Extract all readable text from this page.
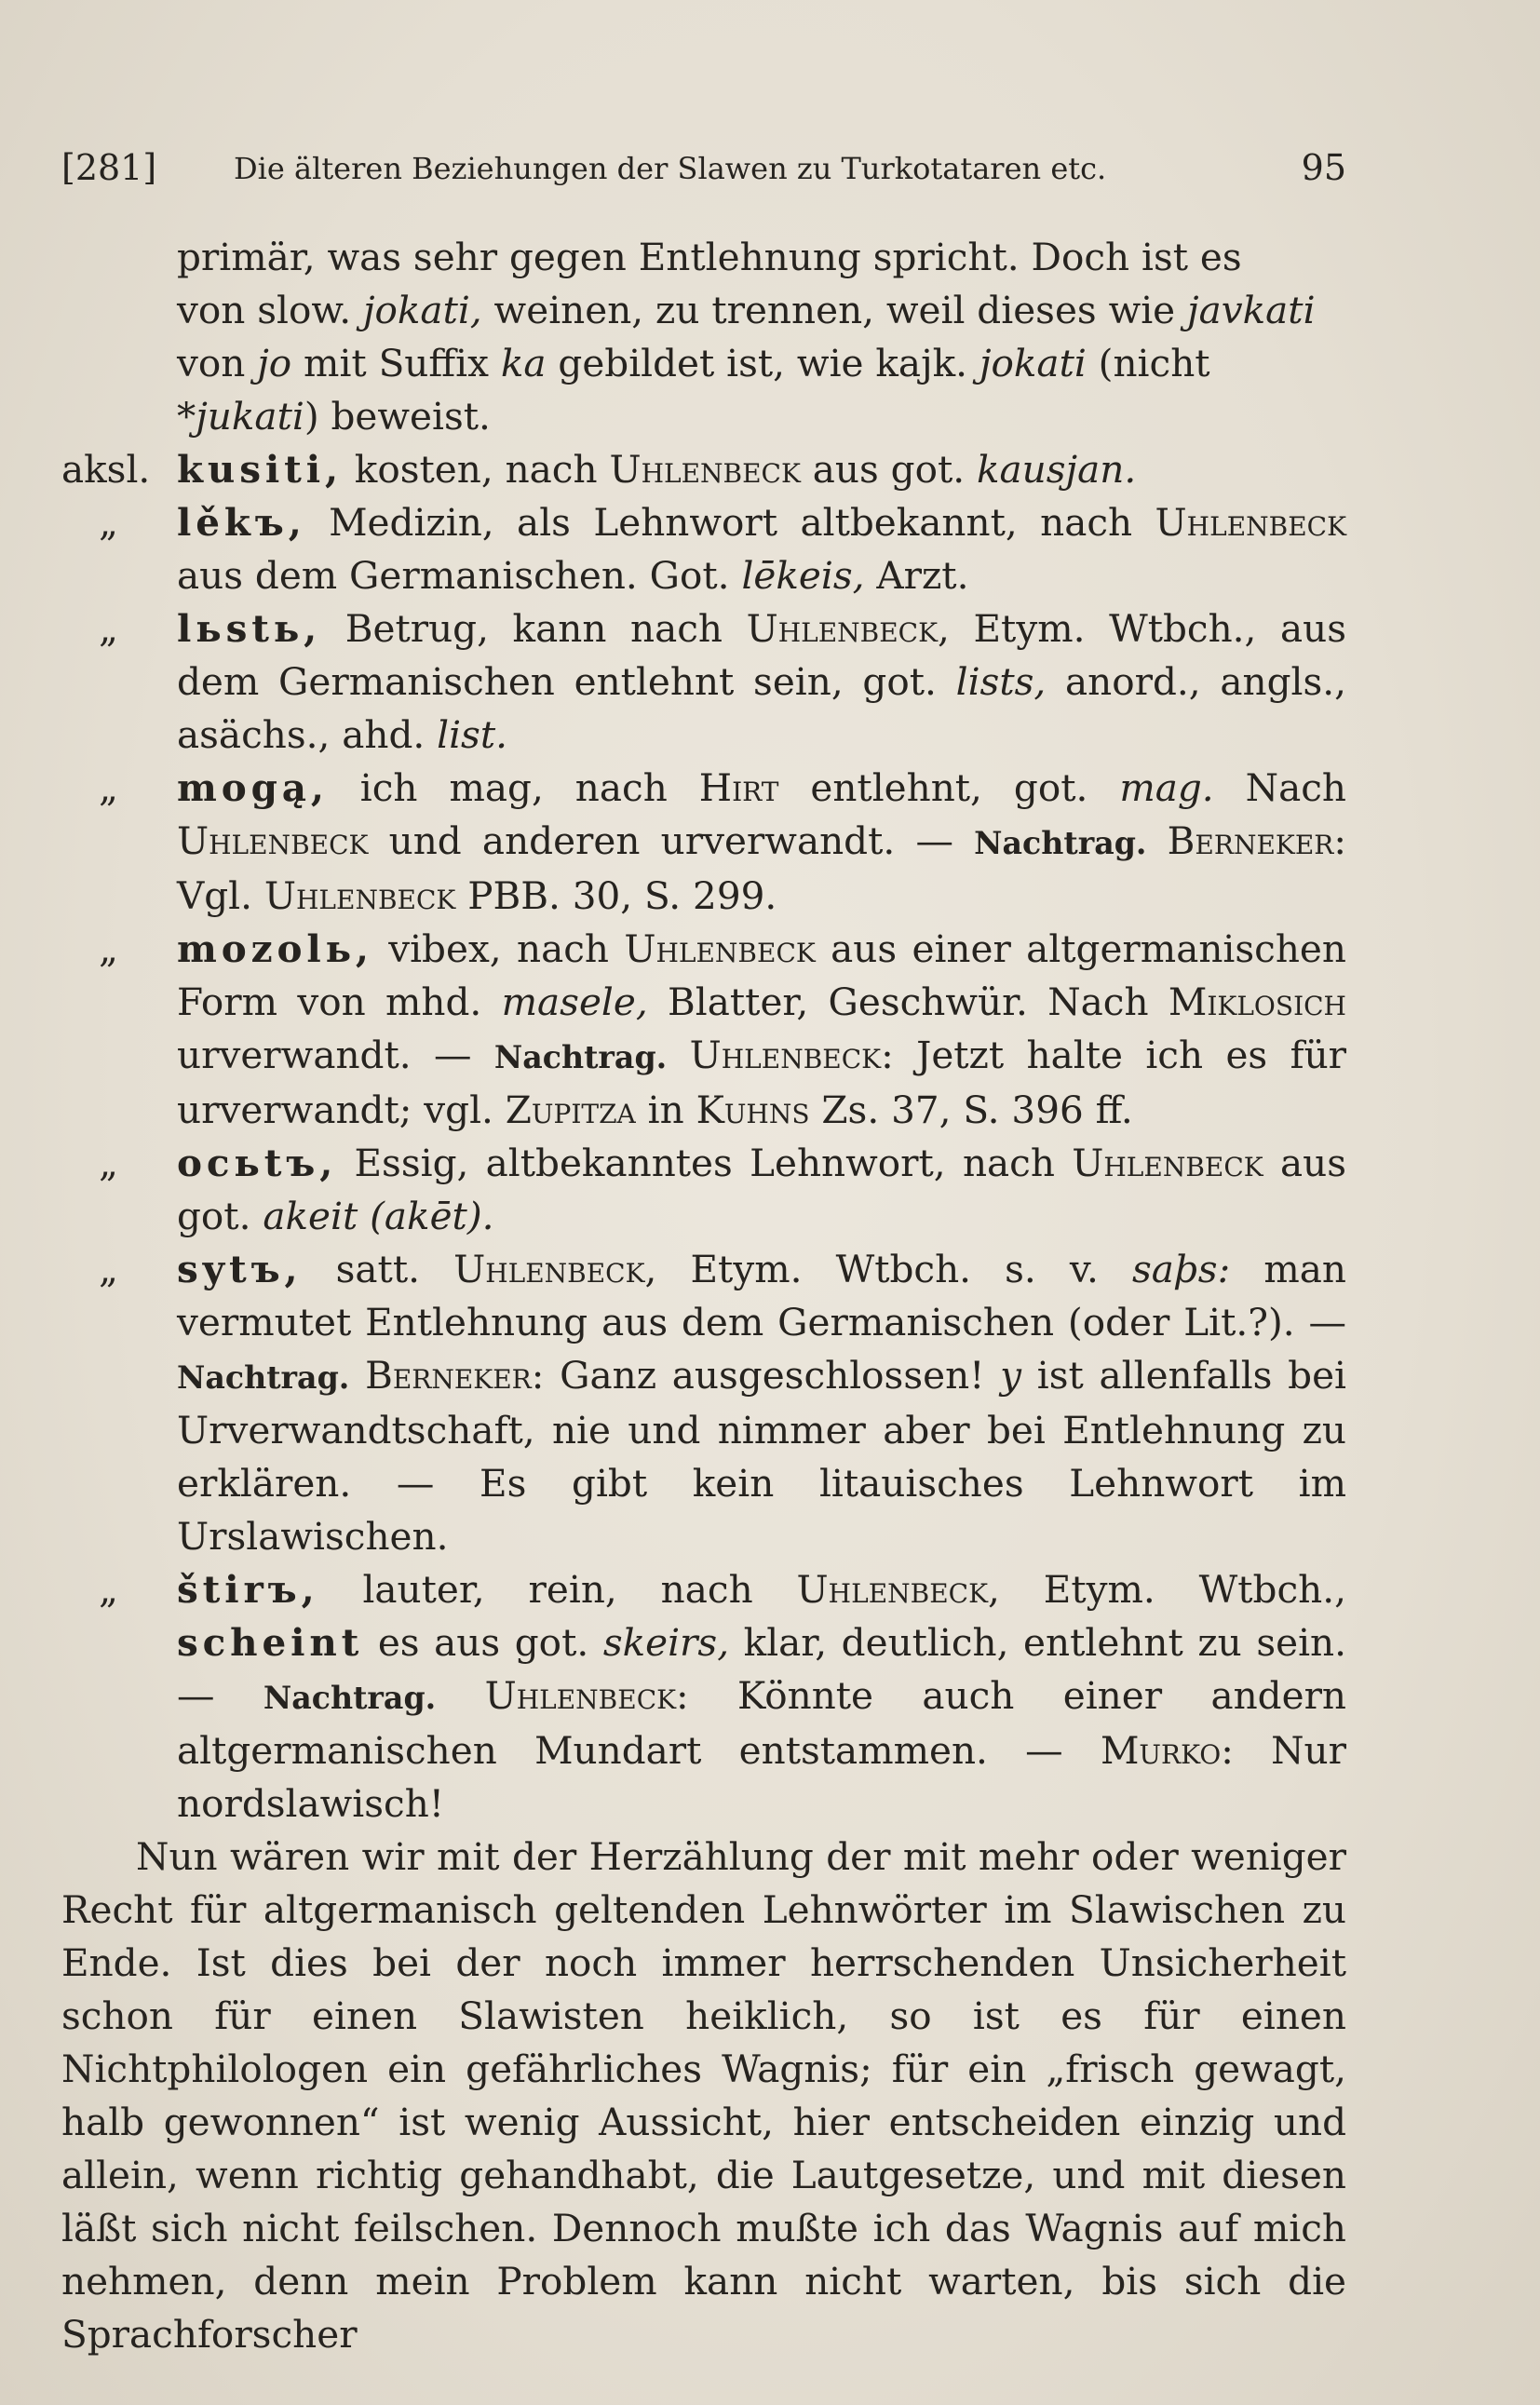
[281]	Die älteren Beziehungen der Slawen zu Turkotataren etc.	95
primär, was sehr gegen Entlehnung spricht. Doch ist es
von slow. jokati, weinen, zu trennen, weil dieses wie javkati
von jo mit Suffix ka gebildet ist, wie kajk. jokati (nicht
*jukati) beweist.
aksl. kusiti, kosten, nach Uhlenbeck aus got. kausjan.
„	lěkъ, Medizin, als Lehnwort altbekannt, nach Uhlenbeck aus dem Germanischen. Got. lēkeis, Arzt.
„	lьstь, Betrug, kann nach Uhlenbeck, Etym. Wtbch., aus dem Germanischen entlehnt sein, got. lists, anord., angls., asächs., ahd. list.
„	mogą, ich mag, nach Hirt entlehnt, got. mag. Nach Uhlenbeck und anderen urverwandt. — Nachtrag. Berneker: Vgl. Uhlenbeck PBB. 30, S. 299.
„	mozolь, vibex, nach Uhlenbeck aus einer altgermanischen Form von mhd. masele, Blatter, Geschwür. Nach Miklosich urverwandt. — Nachtrag. Uhlenbeck: Jetzt halte ich es für urverwandt; vgl. Zupitza in Kuhns Zs. 37, S. 396 ff.
„	ocьtъ, Essig, altbekanntes Lehnwort, nach Uhlenbeck aus got. akeit (akēt).
„	sytъ, satt. Uhlenbeck, Etym. Wtbch. s. v. saþs: man vermutet Entlehnung aus dem Germanischen (oder Lit.?). — Nachtrag. Berneker: Ganz ausgeschlossen! y ist allenfalls bei Urverwandtschaft, nie und nimmer aber bei Entlehnung zu erklären. — Es gibt kein litauisches Lehnwort im Urslawischen.
„	štirъ, lauter, rein, nach Uhlenbeck, Etym. Wtbch., scheint es aus got. skeirs, klar, deutlich, entlehnt zu sein. — Nachtrag. Uhlenbeck: Könnte auch einer andern altgermanischen Mundart entstammen. — Murko: Nur nordslawisch!

Nun wären wir mit der Herzählung der mit mehr oder weniger Recht für altgermanisch geltenden Lehnwörter im Slawischen zu Ende. Ist dies bei der noch immer herrschenden Unsicherheit schon für einen Slawisten heiklich, so ist es für einen Nichtphilologen ein gefährliches Wagnis; für ein „frisch gewagt, halb gewonnen“ ist wenig Aussicht, hier entscheiden einzig und allein, wenn richtig gehandhabt, die Lautgesetze, und mit diesen läßt sich nicht feilschen. Dennoch mußte ich das Wagnis auf mich nehmen, denn mein Problem kann nicht warten, bis sich die Sprachforscher
